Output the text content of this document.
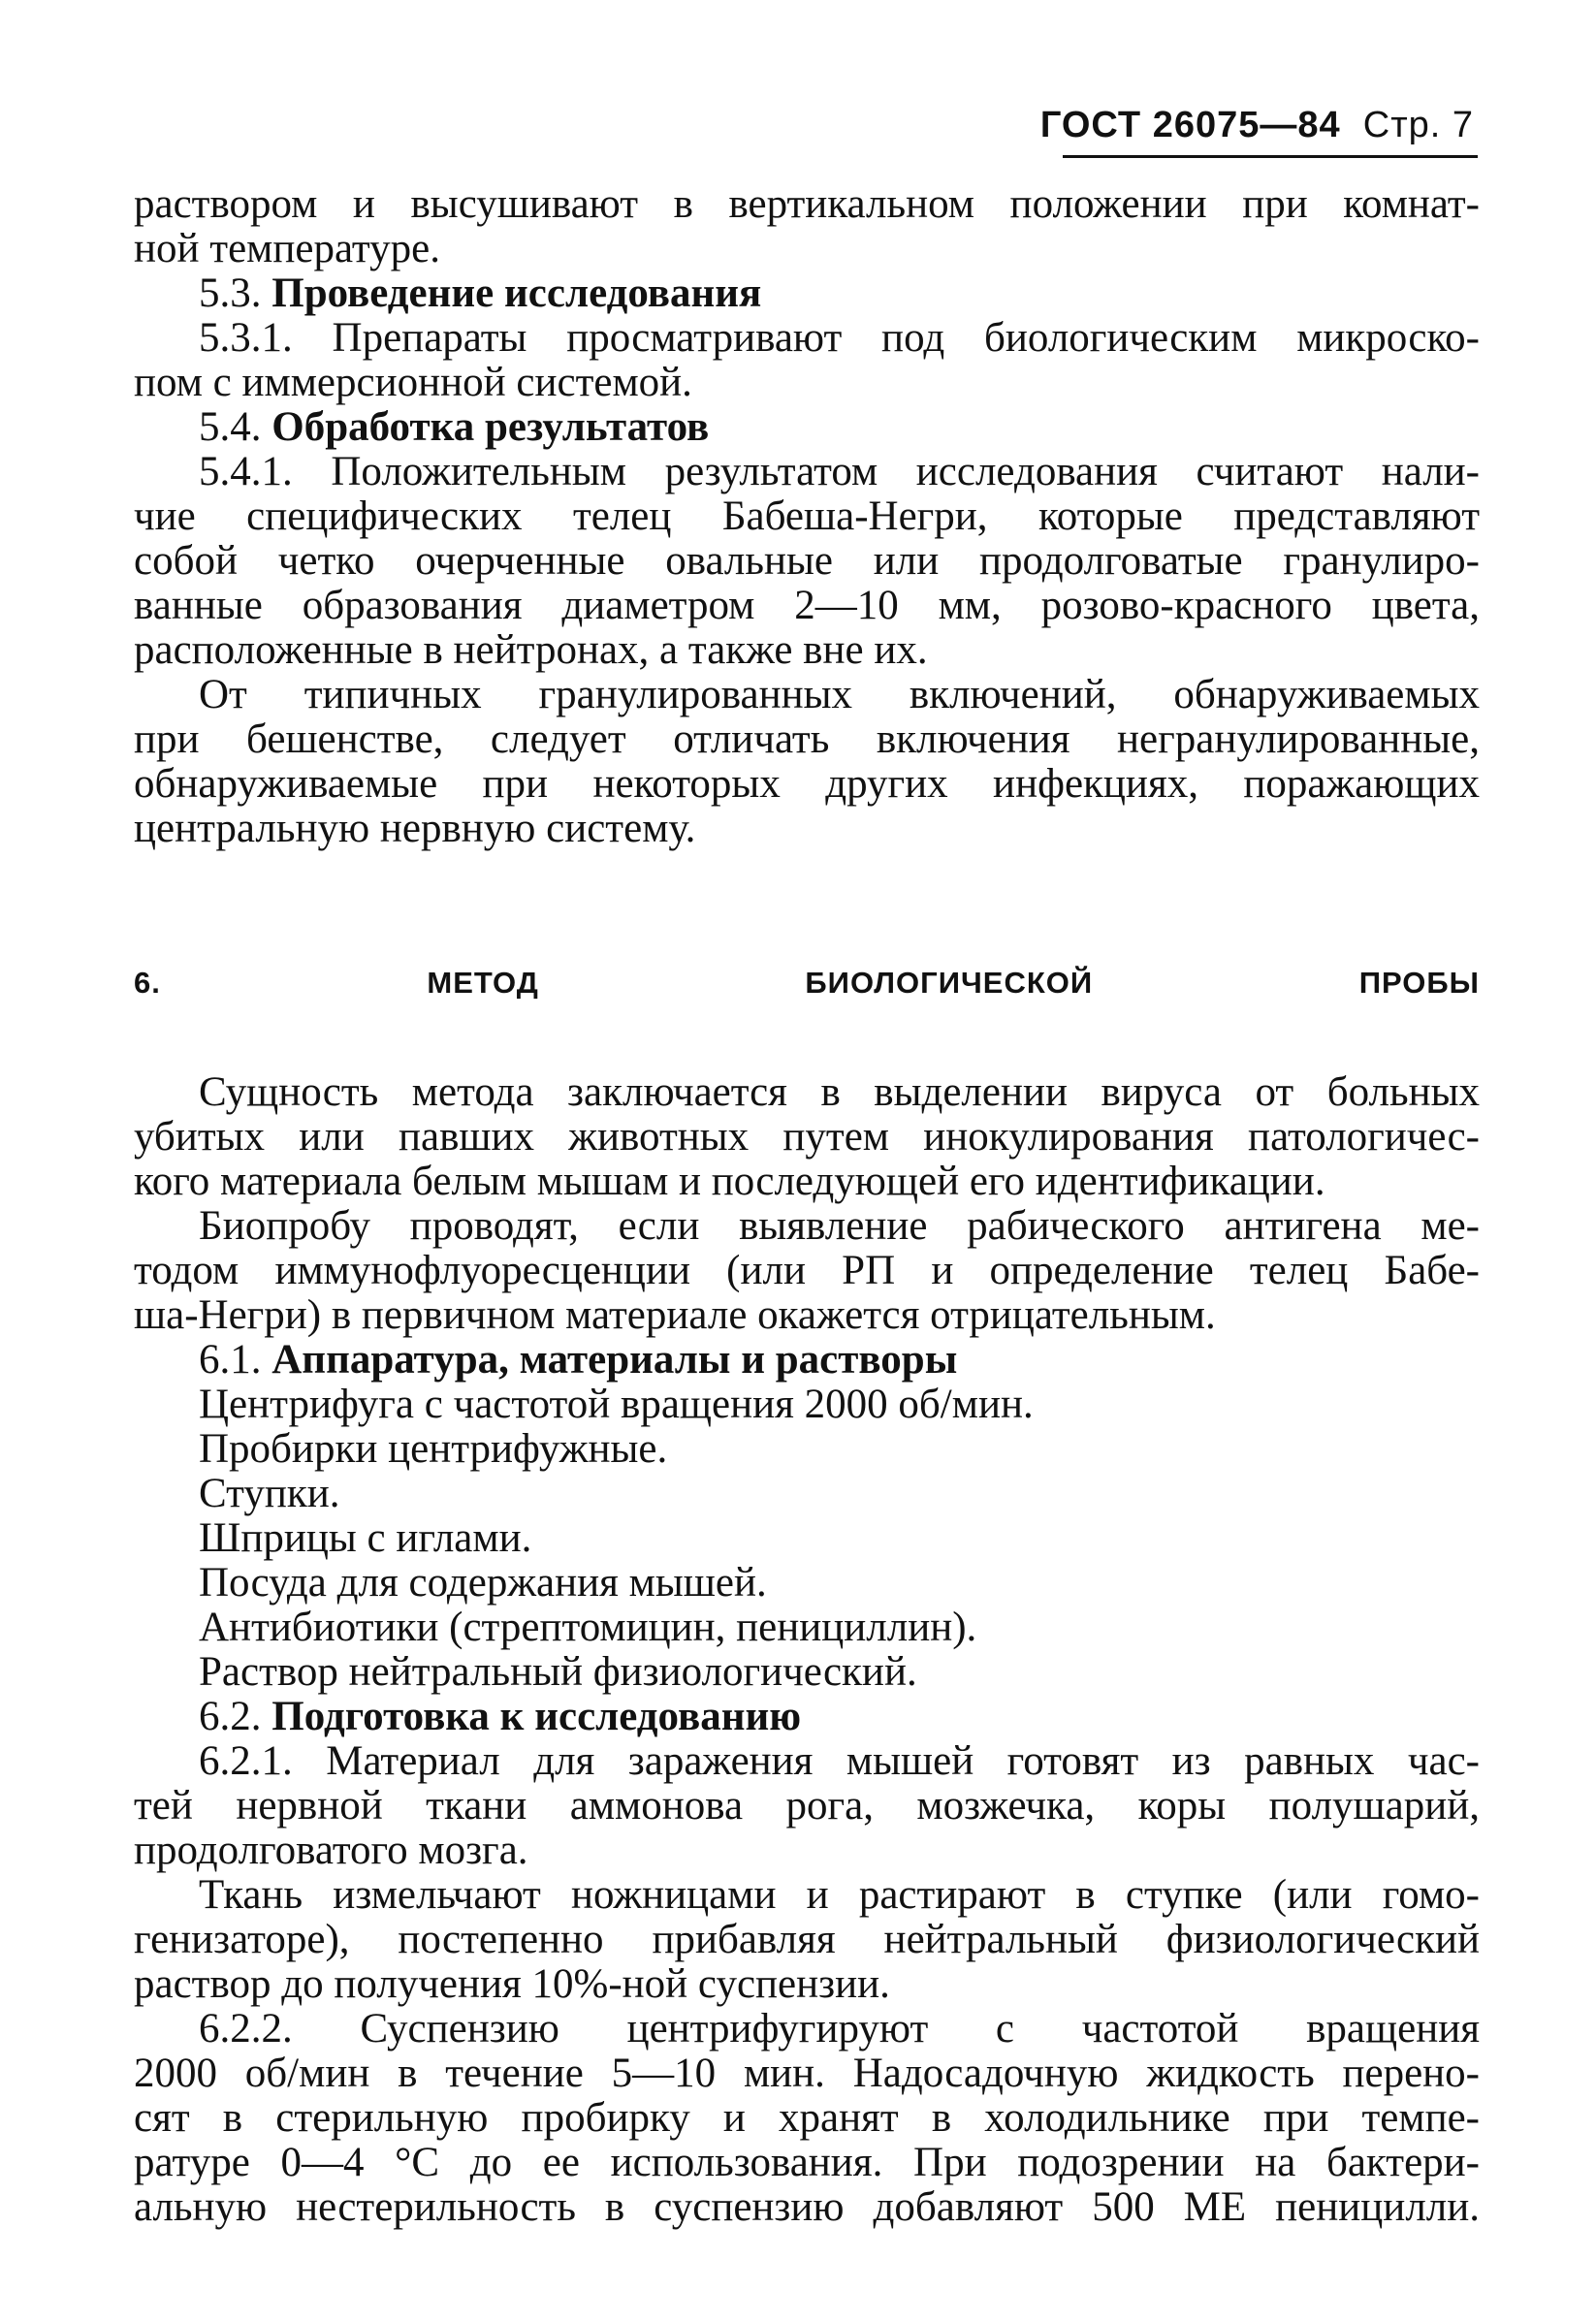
ГОСТ 26075—84 Стр. 7

раствором и высушивают в вертикальном положении при комнат-

ной температуре.

5.3. Проведение исследования

5.3.1. Препараты просматривают под биологическим микроско-

пом с иммерсионной системой.

5.4. Обработка результатов

5.4.1. Положительным результатом исследования считают нали-

чие специфических телец Бабеша-Негри, которые представляют

собой четко очерченные овальные или продолговатые гранулиро-

ванные образования диаметром 2—10 мм, розово-красного цвета,

расположенные в нейтронах, а также вне их.

От типичных гранулированных включений, обнаруживаемых

при бешенстве, следует отличать включения негранулированные,

обнаруживаемые при некоторых других инфекциях, поражающих

центральную нервную систему.

6. МЕТОД БИОЛОГИЧЕСКОЙ ПРОБЫ

Сущность метода заключается в выделении вируса от больных

убитых или павших животных путем инокулирования патологичес-

кого материала белым мышам и последующей его идентификации.

Биопробу проводят, если выявление рабического антигена ме-

тодом иммунофлуоресценции (или РП и определение телец Бабе-

ша-Негри) в первичном материале окажется отрицательным.

6.1. Аппаратура, материалы и растворы

Центрифуга с частотой вращения 2000 об/мин.

Пробирки центрифужные.

Ступки.

Шприцы с иглами.

Посуда для содержания мышей.

Антибиотики (стрептомицин, пенициллин).

Раствор нейтральный физиологический.

6.2. Подготовка к исследованию

6.2.1. Материал для заражения мышей готовят из равных час-

тей нервной ткани аммонова рога, мозжечка, коры полушарий,

продолговатого мозга.

Ткань измельчают ножницами и растирают в ступке (или гомо-

генизаторе), постепенно прибавляя нейтральный физиологический

раствор до получения 10%-ной суспензии.

6.2.2. Суспензию центрифугируют с частотой вращения

2000 об/мин в течение 5—10 мин. Надосадочную жидкость перено-

сят в стерильную пробирку и хранят в холодильнике при темпе-

ратуре 0—4 °С до ее использования. При подозрении на бактери-

альную нестерильность в суспензию добавляют 500 МЕ пеницилли.
